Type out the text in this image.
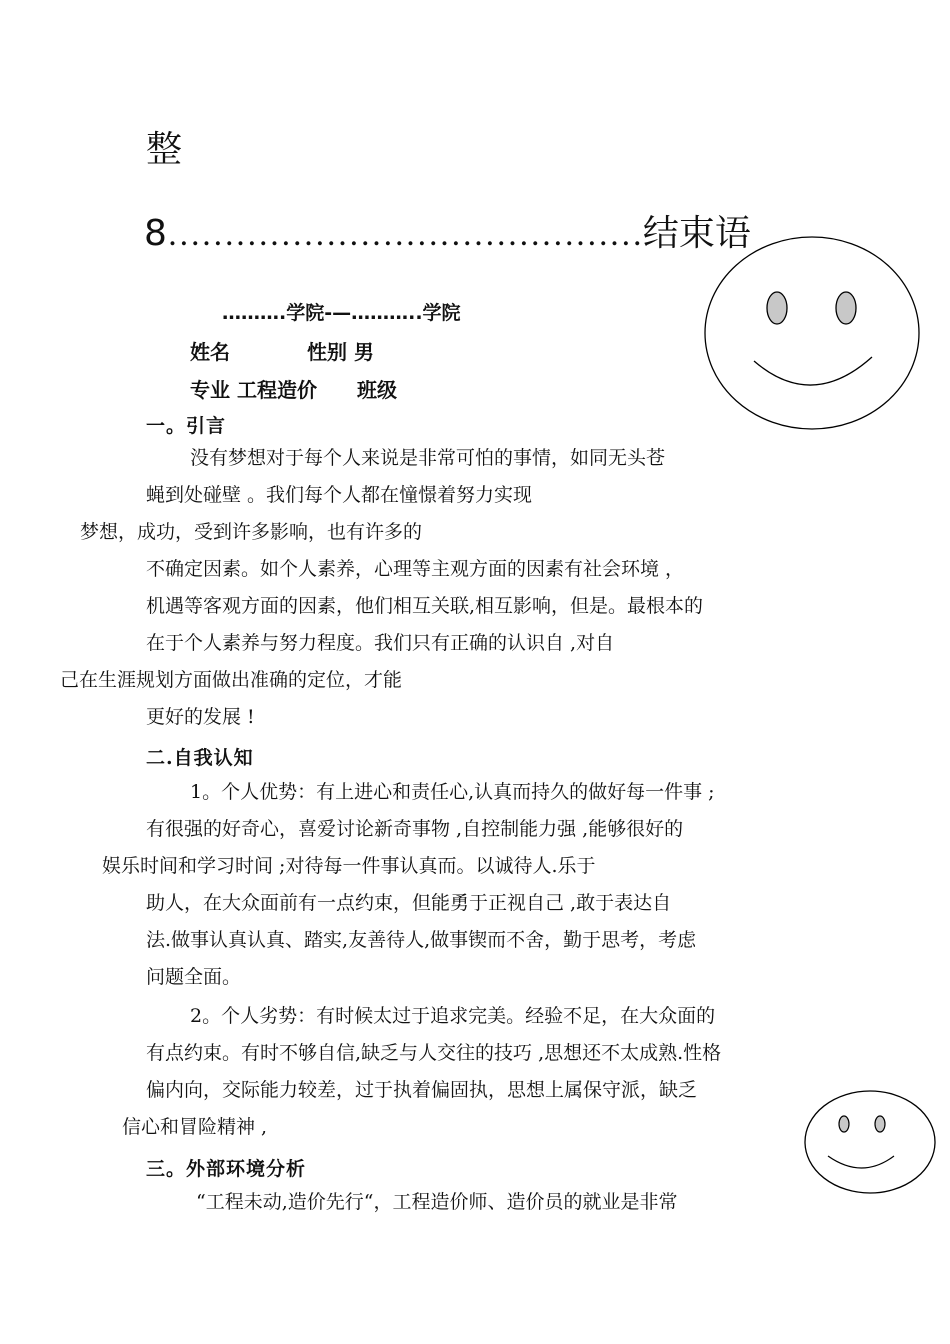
整
8……………………………………结束语
……….学院-—………..学院
姓名	性别 男
专业 工程造价 班级
一。引言
没有梦想对于每个人来说是非常可怕的事情，如同无头苍
蝇到处碰壁 。我们每个人都在憧憬着努力实现
梦想，成功，受到许多影响，也有许多的
不确定因素。如个人素养，心理等主观方面的因素有社会环境 ，
机遇等客观方面的因素，他们相互关联,相互影响，但是。最根本的
在于个人素养与努力程度。我们只有正确的认识自 ,对自
己在生涯规划方面做出准确的定位，才能
更好的发展 !
二.自我认知
1。个人优势：有上进心和责任心,认真而持久的做好每一件事 ;
有很强的好奇心，喜爱讨论新奇事物 ,自控制能力强 ,能够很好的
娱乐时间和学习时间 ;对待每一件事认真而。以诚待人.乐于
助人，在大众面前有一点约束，但能勇于正视自己 ,敢于表达自
法.做事认真认真、踏实,友善待人,做事锲而不舍，勤于思考，考虑
问题全面。
2。个人劣势：有时候太过于追求完美。经验不足，在大众面的
有点约束。有时不够自信,缺乏与人交往的技巧 ,思想还不太成熟.性格
偏内向，交际能力较差，过于执着偏固执，思想上属保守派，缺乏
信心和冒险精神 ,
三。外部环境分析
“工程未动,造价先行“，工程造价师、造价员的就业是非常
